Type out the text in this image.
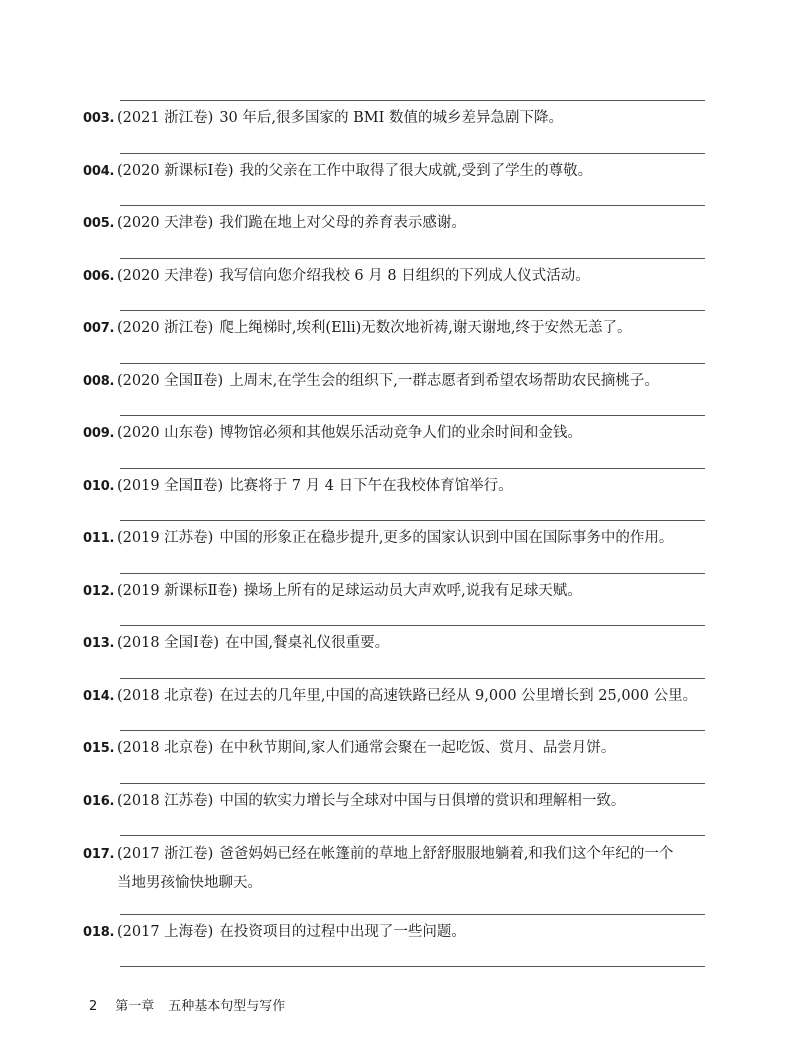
003. (2021 浙江卷) 30 年后,很多国家的 BMI 数值的城乡差异急剧下降。
004. (2020 新课标Ⅰ卷) 我的父亲在工作中取得了很大成就,受到了学生的尊敬。
005. (2020 天津卷) 我们跪在地上对父母的养育表示感谢。
006. (2020 天津卷) 我写信向您介绍我校 6 月 8 日组织的下列成人仪式活动。
007. (2020 浙江卷) 爬上绳梯时,埃利(Elli)无数次地祈祷,谢天谢地,终于安然无恙了。
008. (2020 全国Ⅱ卷) 上周末,在学生会的组织下,一群志愿者到希望农场帮助农民摘桃子。
009. (2020 山东卷) 博物馆必须和其他娱乐活动竞争人们的业余时间和金钱。
010. (2019 全国Ⅱ卷) 比赛将于 7 月 4 日下午在我校体育馆举行。
011. (2019 江苏卷) 中国的形象正在稳步提升,更多的国家认识到中国在国际事务中的作用。
012. (2019 新课标Ⅱ卷) 操场上所有的足球运动员大声欢呼,说我有足球天赋。
013. (2018 全国Ⅰ卷) 在中国,餐桌礼仪很重要。
014. (2018 北京卷) 在过去的几年里,中国的高速铁路已经从 9,000 公里增长到 25,000 公里。
015. (2018 北京卷) 在中秋节期间,家人们通常会聚在一起吃饭、赏月、品尝月饼。
016. (2018 江苏卷) 中国的软实力增长与全球对中国与日俱增的赏识和理解相一致。
017. (2017 浙江卷) 爸爸妈妈已经在帐篷前的草地上舒舒服服地躺着,和我们这个年纪的一个
当地男孩愉快地聊天。
018. (2017 上海卷) 在投资项目的过程中出现了一些问题。
2 第一章 五种基本句型与写作
